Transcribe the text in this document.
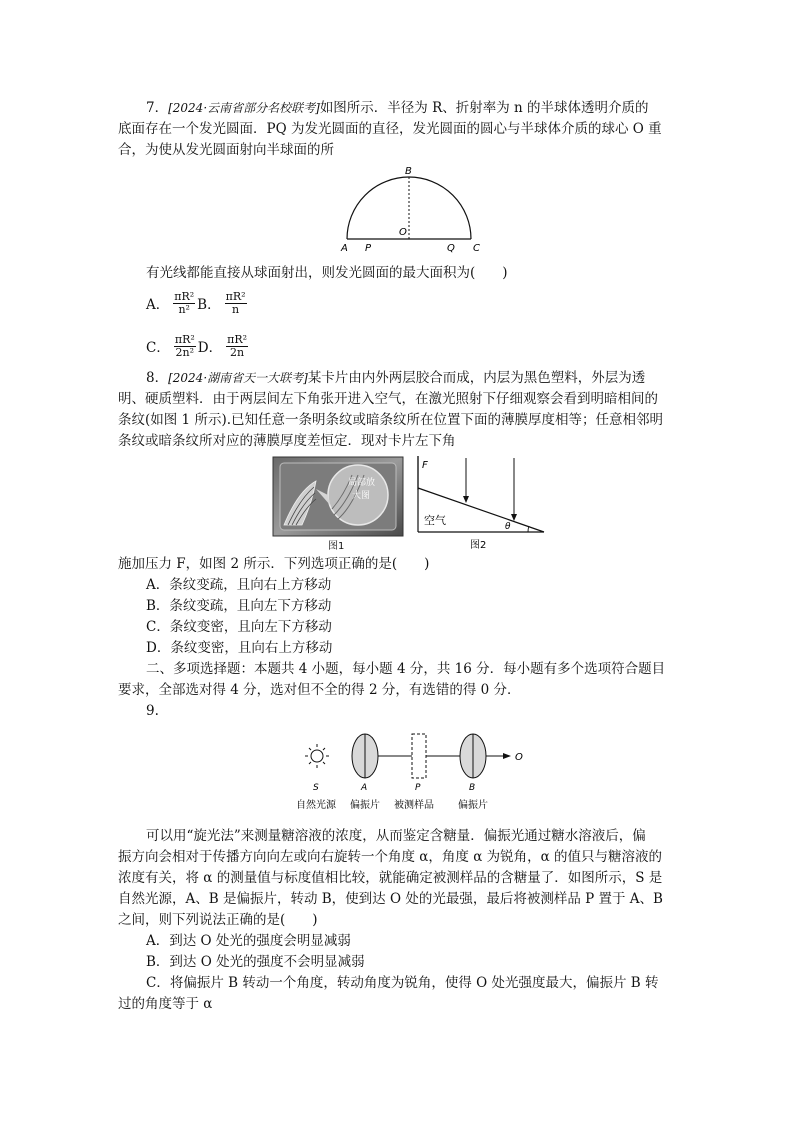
7．[2024·云南省部分名校联考]如图所示．半径为 R、折射率为 n 的半球体透明介质的
底面存在一个发光圆面．PQ 为发光圆面的直径，发光圆面的圆心与半球体介质的球心 O 重
合，为使从发光圆面射向半球面的所
B
O
A P	Q C
有光线都能直接从球面射出，则发光圆面的最大面积为(　　)
A． $\frac{\text{πR²}}{\text{n²}}$ B． $\frac{\text{πR²}}{n}$
C． $\frac{\text{πR²}}{\text{2n²}}$ D． $\frac{\text{πR²}}{2n}$
8．[2024·湖南省天一大联考]某卡片由内外两层胶合而成，内层为黑色塑料，外层为透
明、硬质塑料．由于两层间左下角张开进入空气，在激光照射下仔细观察会看到明暗相间的
条纹(如图 1 所示).已知任意一条明条纹或暗条纹所在位置下面的薄膜厚度相等；任意相邻明
条纹或暗条纹所对应的薄膜厚度差恒定．现对卡片左下角
局部放
大图
图1
F
空气	θ
图2
施加压力 F，如图 2 所示．下列选项正确的是(　　)
A．条纹变疏，且向右上方移动
B．条纹变疏，且向左下方移动
C．条纹变密，且向左下方移动
D．条纹变密，且向右上方移动
二、多项选择题：本题共 4 小题，每小题 4 分，共 16 分．每小题有多个选项符合题目
要求，全部选对得 4 分，选对但不全的得 2 分，有选错的得 0 分．
9.
O
S	A	P	B
自然光源 偏振片 被测样品 偏振片
可以用“旋光法”来测量糖溶液的浓度，从而鉴定含糖量．偏振光通过糖水溶液后，偏
振方向会相对于传播方向向左或向右旋转一个角度 α，角度 α 为锐角，α 的值只与糖溶液的
浓度有关，将 α 的测量值与标度值相比较，就能确定被测样品的含糖量了．如图所示，S 是
自然光源，A、B 是偏振片，转动 B，使到达 O 处的光最强，最后将被测样品 P 置于 A、B
之间，则下列说法正确的是(　　)
A．到达 O 处光的强度会明显减弱
B．到达 O 处光的强度不会明显减弱
C．将偏振片 B 转动一个角度，转动角度为锐角，使得 O 处光强度最大，偏振片 B 转
过的角度等于 α
